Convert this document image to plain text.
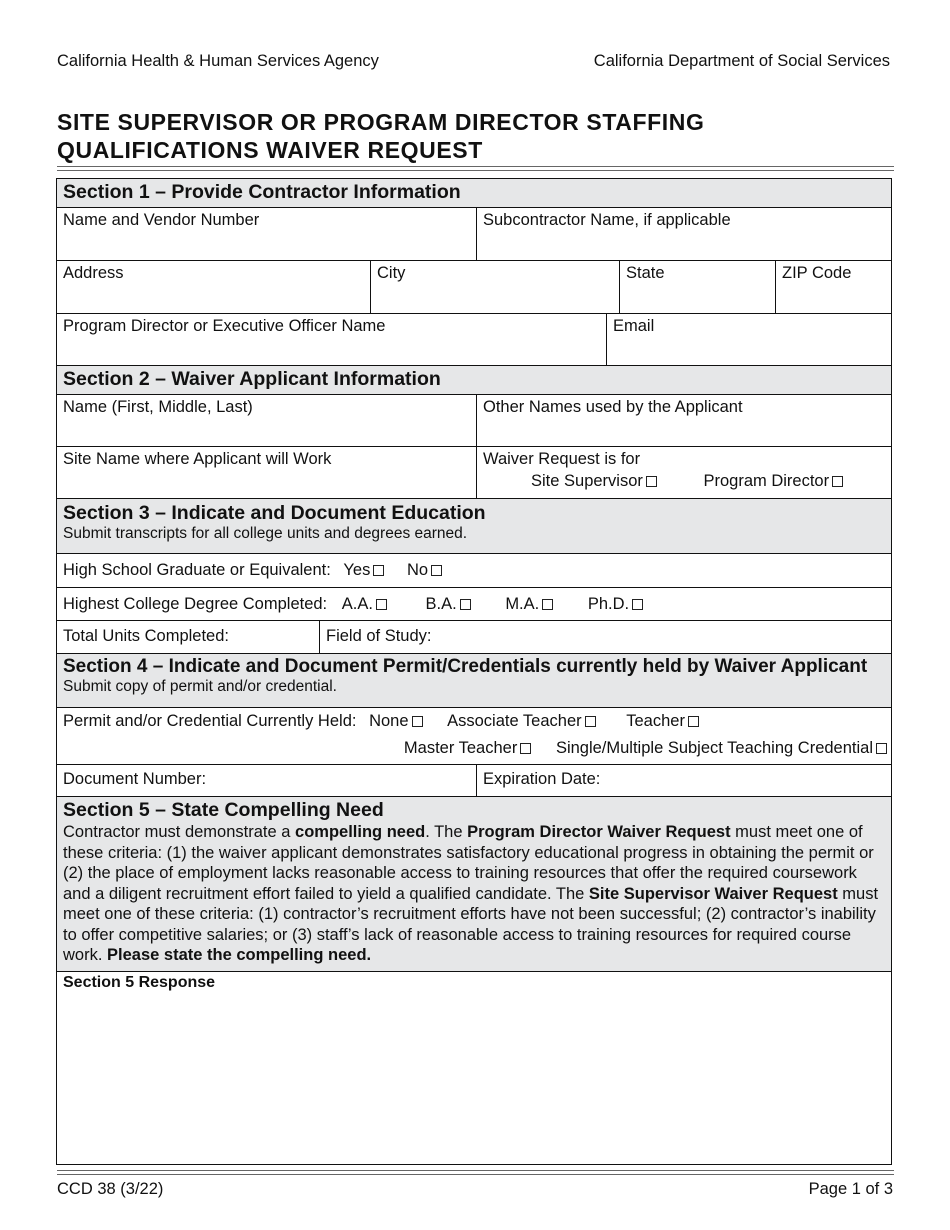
California Health & Human Services Agency	California Department of Social Services
SITE SUPERVISOR OR PROGRAM DIRECTOR STAFFING
QUALIFICATIONS WAIVER REQUEST
Section 1 – Provide Contractor Information
Name and Vendor Number	Subcontractor Name, if applicable
Address	City	State	ZIP Code
Program Director or Executive Officer Name	Email
Section 2 – Waiver Applicant Information
Name (First, Middle, Last)	Other Names used by the Applicant
Site Name where Applicant will Work	Waiver Request is for
Site Supervisor	Program Director
Section 3 – Indicate and Document Education
Submit transcripts for all college units and degrees earned.
High School Graduate or Equivalent: Yes No
Highest College Degree Completed: A.A.	B.A.	M.A.	Ph.D.
Total Units Completed:	Field of Study:
Section 4 – Indicate and Document Permit/Credentials currently held by Waiver Applicant
Submit copy of permit and/or credential.
Permit and/or Credential Currently Held: None Associate Teacher	Teacher
Master Teacher Single/Multiple Subject Teaching Credential
Document Number:	Expiration Date:
Section 5 – State Compelling Need
Contractor must demonstrate a compelling need. The Program Director Waiver Request must meet one of these criteria: (1) the waiver applicant demonstrates satisfactory educational progress in obtaining the permit or (2) the place of employment lacks reasonable access to training resources that offer the required coursework and a diligent recruitment effort failed to yield a qualified candidate. The Site Supervisor Waiver Request must meet one of these criteria: (1) contractor’s recruitment efforts have not been successful; (2) contractor’s inability to offer competitive salaries; or (3) staff’s lack of reasonable access to training resources for required course work. Please state the compelling need.
Section 5 Response
CCD 38 (3/22)	Page 1 of 3
